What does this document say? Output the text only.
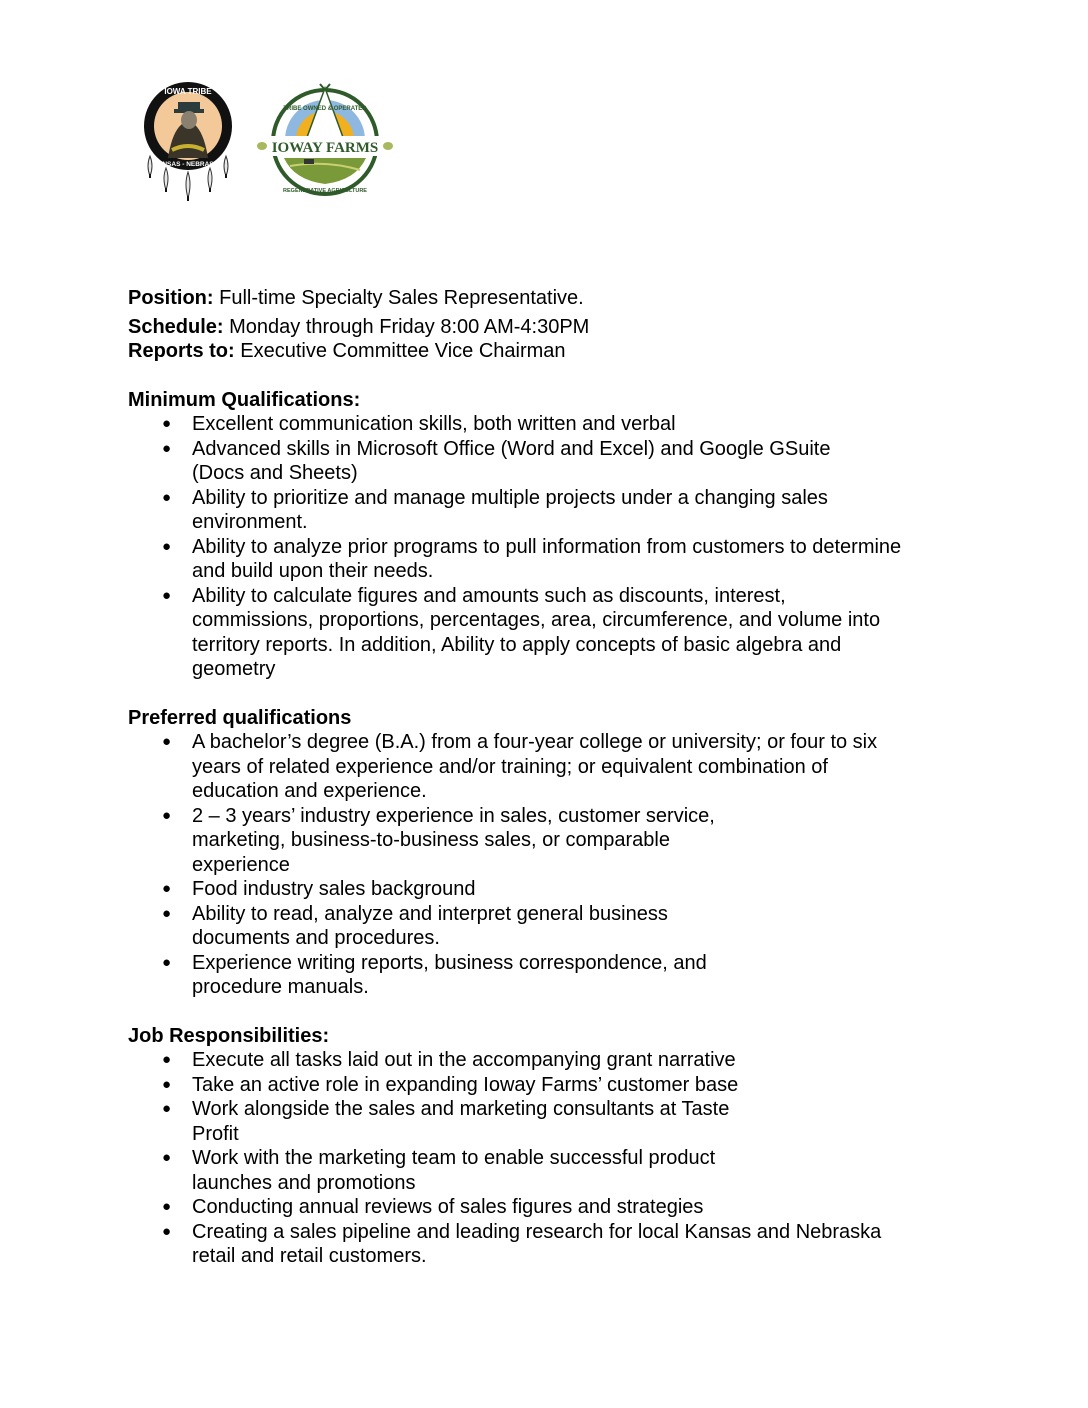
IOWA TRIBE
KANSAS - NEBRASKA
IOWAY FARMS
TRIBE OWNED & OPERATED
REGENERATIVE AGRICULTURE

Position: Full-time Specialty Sales Representative.

Schedule: Monday through Friday 8:00 AM-4:30PM

Reports to: Executive Committee Vice Chairman

Minimum Qualifications:

● Excellent communication skills, both written and verbal
● Advanced skills in Microsoft Office (Word and Excel) and Google GSuite
(Docs and Sheets)
● Ability to prioritize and manage multiple projects under a changing sales
environment.
● Ability to analyze prior programs to pull information from customers to determine
and build upon their needs.
● Ability to calculate figures and amounts such as discounts, interest,
commissions, proportions, percentages, area, circumference, and volume into
territory reports. In addition, Ability to apply concepts of basic algebra and
geometry

Preferred qualifications

● A bachelor’s degree (B.A.) from a four-year college or university; or four to six
years of related experience and/or training; or equivalent combination of
education and experience.
● 2 – 3 years’ industry experience in sales, customer service,
marketing, business-to-business sales, or comparable
experience
● Food industry sales background
● Ability to read, analyze and interpret general business
documents and procedures.
● Experience writing reports, business correspondence, and
procedure manuals.

Job Responsibilities:

● Execute all tasks laid out in the accompanying grant narrative
● Take an active role in expanding Ioway Farms’ customer base
● Work alongside the sales and marketing consultants at Taste
Profit
● Work with the marketing team to enable successful product
launches and promotions
● Conducting annual reviews of sales figures and strategies
● Creating a sales pipeline and leading research for local Kansas and Nebraska
retail and retail customers.
